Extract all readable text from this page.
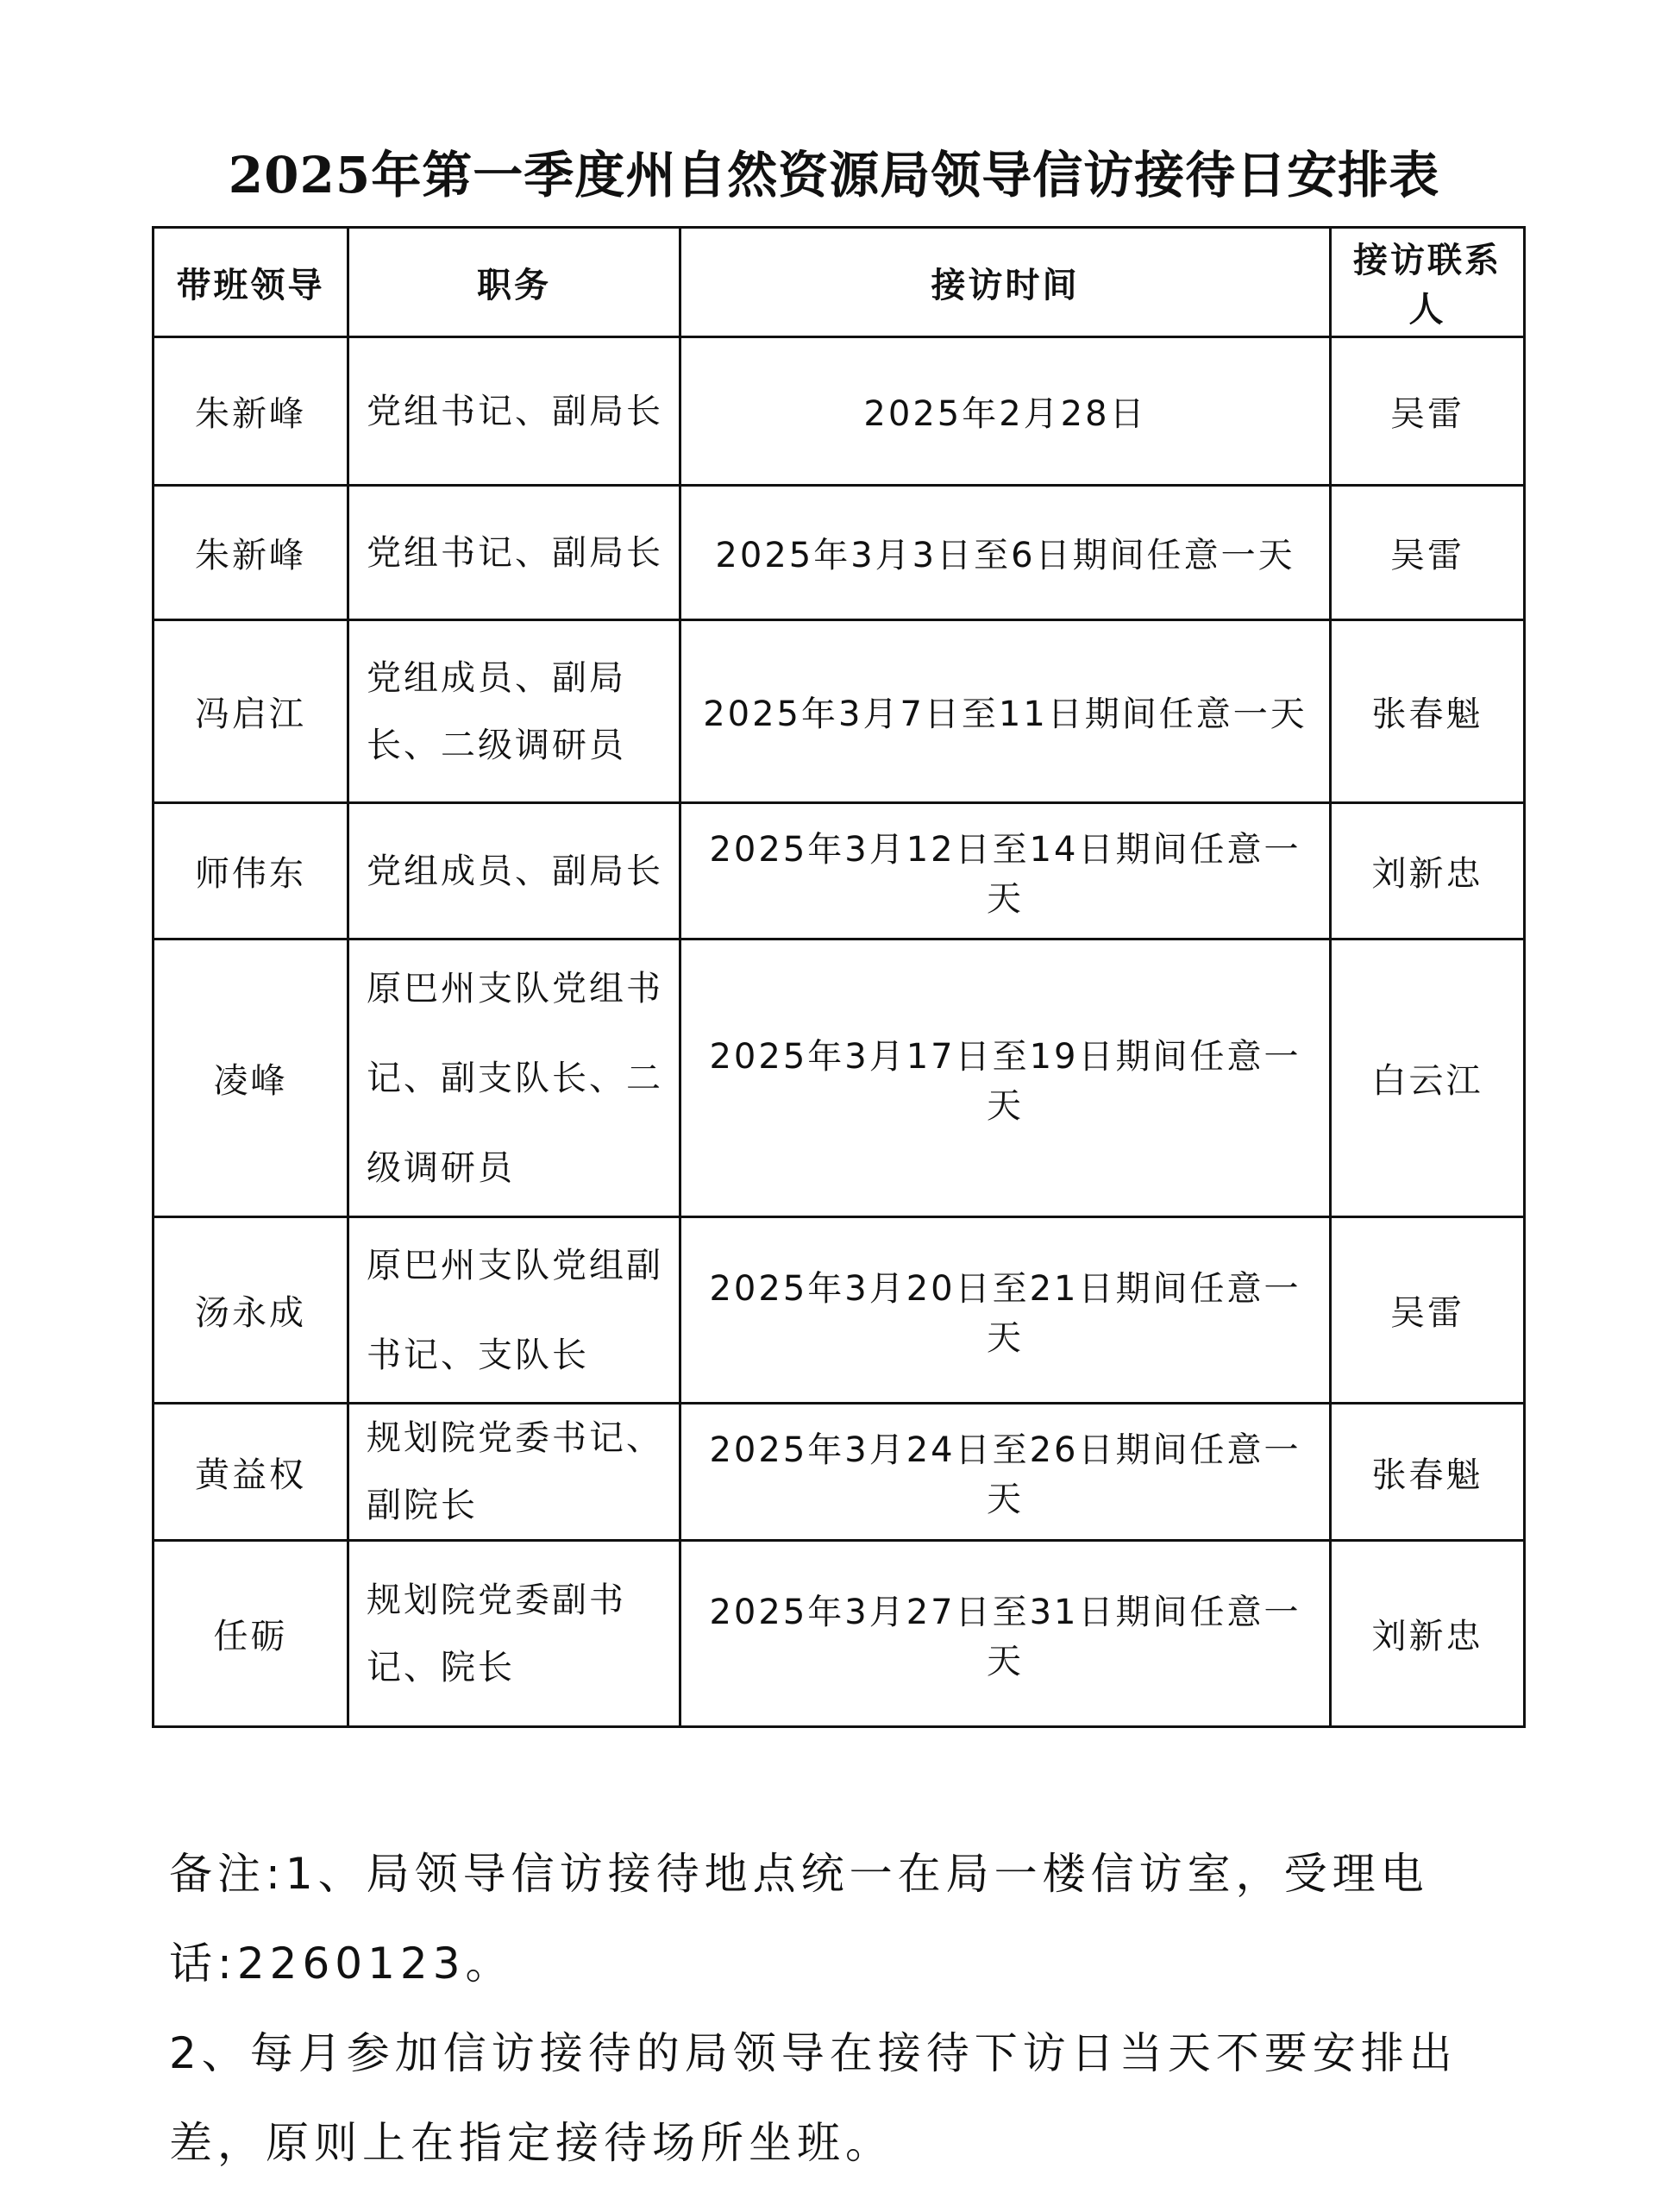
2025年第一季度州自然资源局领导信访接待日安排表
带班领导	职务	接访时间	接访联系人
朱新峰	党组书记、副局长	2025年2月28日	吴雷
朱新峰	党组书记、副局长	2025年3月3日至6日期间任意一天	吴雷
冯启江	党组成员、副局长、二级调研员	2025年3月7日至11日期间任意一天	张春魁
师伟东	党组成员、副局长	2025年3月12日至14日期间任意一天	刘新忠
凌峰	原巴州支队党组书记、副支队长、二级调研员	2025年3月17日至19日期间任意一天	白云江
汤永成	原巴州支队党组副书记、支队长	2025年3月20日至21日期间任意一天	吴雷
黄益权	规划院党委书记、副院长	2025年3月24日至26日期间任意一天	张春魁
任砺	规划院党委副书记、院长	2025年3月27日至31日期间任意一天	刘新忠

备注:1、局领导信访接待地点统一在局一楼信访室，受理电话:2260123。

2、每月参加信访接待的局领导在接待下访日当天不要安排出差，原则上在指定接待场所坐班。
